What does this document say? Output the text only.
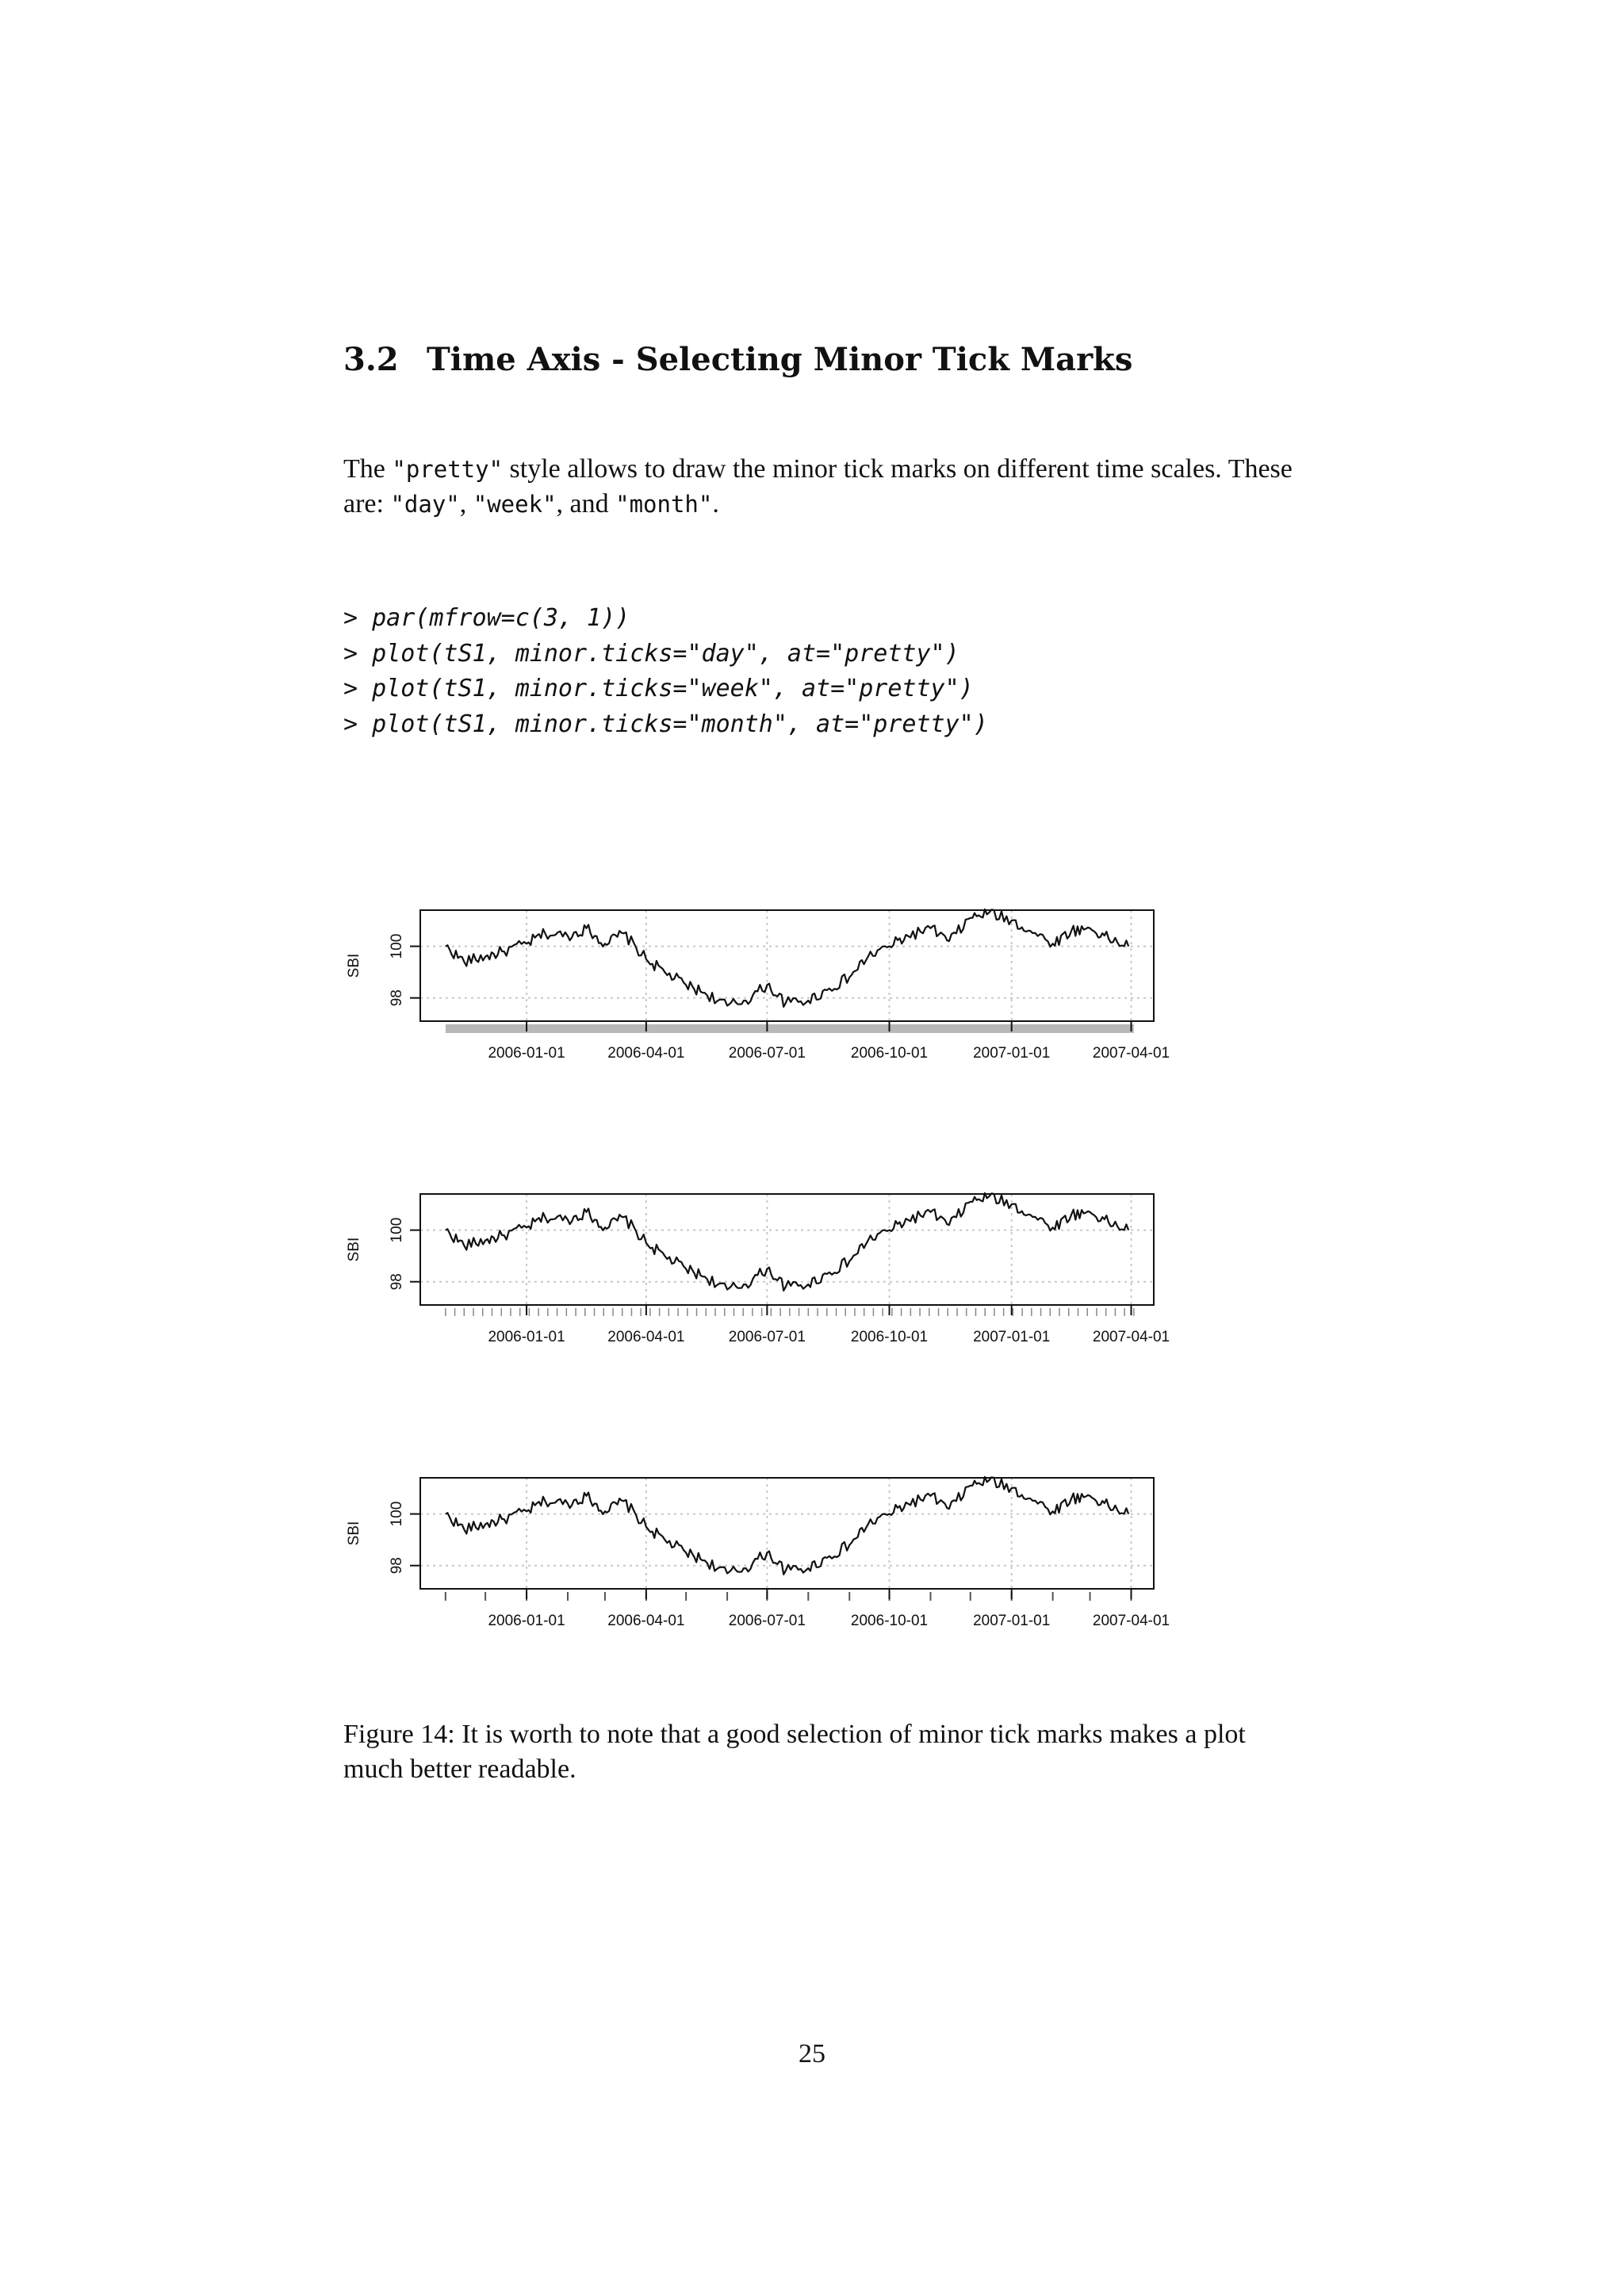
3.2 Time Axis - Selecting Minor Tick Marks
The "pretty" style allows to draw the minor tick marks on different time scales. These are: "day", "week", and "month".
> par(mfrow=c(3, 1))
> plot(tS1, minor.ticks="day", at="pretty")
> plot(tS1, minor.ticks="week", at="pretty")
> plot(tS1, minor.ticks="month", at="pretty")
98
100
SBI
2006-01-01	2006-04-01	2006-07-01	2006-10-01	2007-01-01	2007-04-01
98
100
SBI
2006-01-01	2006-04-01	2006-07-01	2006-10-01	2007-01-01	2007-04-01
98
100
SBI
2006-01-01	2006-04-01	2006-07-01	2006-10-01	2007-01-01	2007-04-01
Figure 14: It is worth to note that a good selection of minor tick marks makes a plot much better readable.
25
